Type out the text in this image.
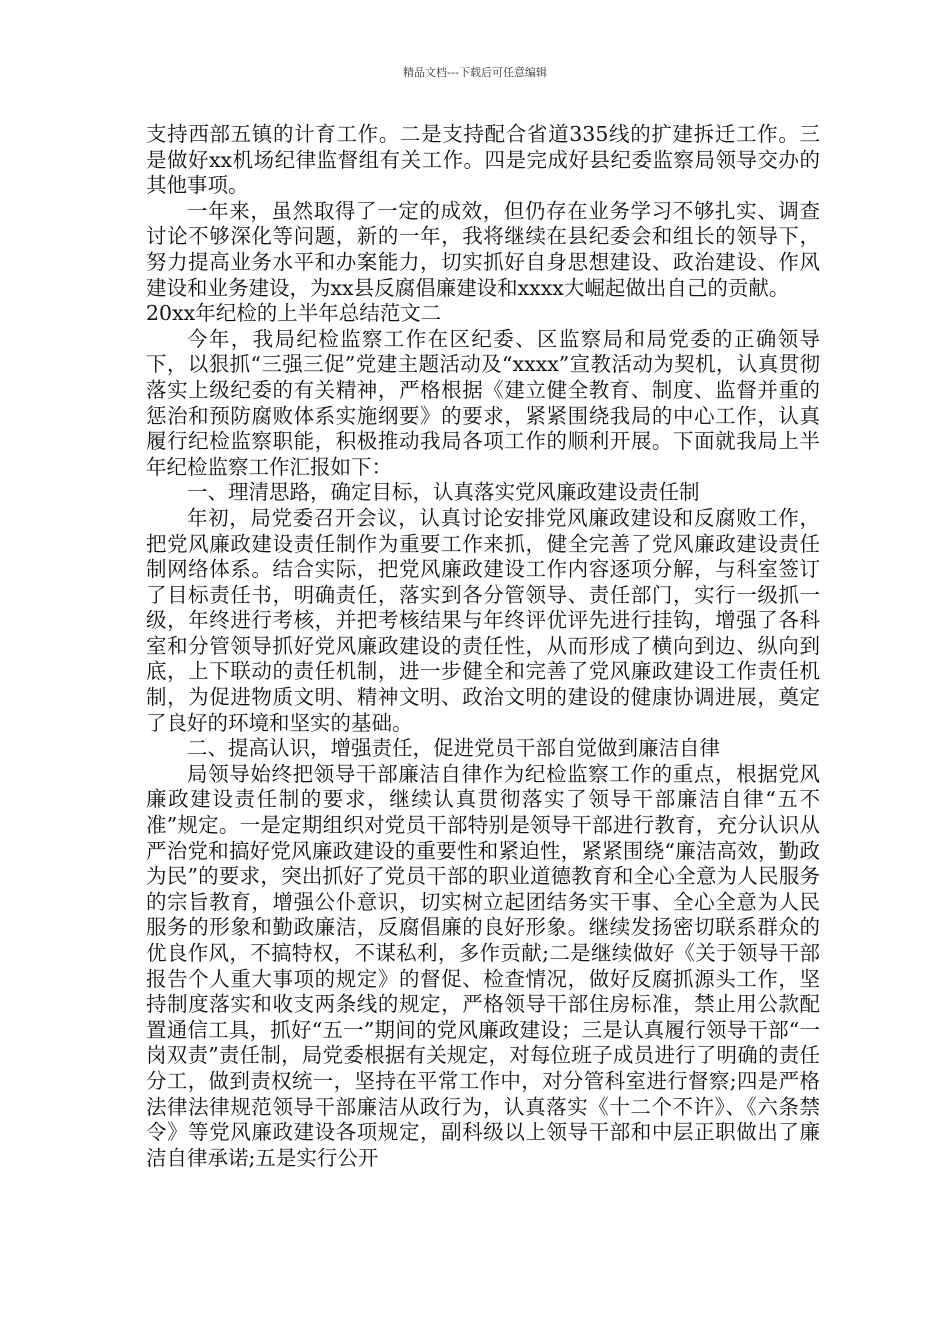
精品文档---下载后可任意编辑

支持西部五镇的计育工作。二是支持配合省道335线的扩建拆迁工作。三是做好xx机场纪律监督组有关工作。四是完成好县纪委监察局领导交办的其他事项。

一年来，虽然取得了一定的成效，但仍存在业务学习不够扎实、调查讨论不够深化等问题，新的一年，我将继续在县纪委会和组长的领导下，努力提高业务水平和办案能力，切实抓好自身思想建设、政治建设、作风建设和业务建设，为xx县反腐倡廉建设和xxxx大崛起做出自己的贡献。

20xx年纪检的上半年总结范文二

今年，我局纪检监察工作在区纪委、区监察局和局党委的正确领导下，以狠抓“三强三促”党建主题活动及“xxxx”宣教活动为契机，认真贯彻落实上级纪委的有关精神，严格根据《建立健全教育、制度、监督并重的惩治和预防腐败体系实施纲要》的要求，紧紧围绕我局的中心工作，认真履行纪检监察职能，积极推动我局各项工作的顺利开展。下面就我局上半年纪检监察工作汇报如下：

一、理清思路，确定目标，认真落实党风廉政建设责任制

年初，局党委召开会议，认真讨论安排党风廉政建设和反腐败工作，把党风廉政建设责任制作为重要工作来抓，健全完善了党风廉政建设责任制网络体系。结合实际，把党风廉政建设工作内容逐项分解，与科室签订了目标责任书，明确责任，落实到各分管领导、责任部门，实行一级抓一级，年终进行考核，并把考核结果与年终评优评先进行挂钩，增强了各科室和分管领导抓好党风廉政建设的责任性，从而形成了横向到边、纵向到底，上下联动的责任机制，进一步健全和完善了党风廉政建设工作责任机制，为促进物质文明、精神文明、政治文明的建设的健康协调进展，奠定了良好的环境和坚实的基础。

二、提高认识，增强责任，促进党员干部自觉做到廉洁自律

局领导始终把领导干部廉洁自律作为纪检监察工作的重点，根据党风廉政建设责任制的要求，继续认真贯彻落实了领导干部廉洁自律“五不准”规定。一是定期组织对党员干部特别是领导干部进行教育，充分认识从严治党和搞好党风廉政建设的重要性和紧迫性，紧紧围绕“廉洁高效，勤政为民”的要求，突出抓好了党员干部的职业道德教育和全心全意为人民服务的宗旨教育，增强公仆意识，切实树立起团结务实干事、全心全意为人民服务的形象和勤政廉洁，反腐倡廉的良好形象。继续发扬密切联系群众的优良作风，不搞特权，不谋私利，多作贡献;二是继续做好《关于领导干部报告个人重大事项的规定》的督促、检查情况，做好反腐抓源头工作，坚持制度落实和收支两条线的规定，严格领导干部住房标准，禁止用公款配置通信工具，抓好“五一”期间的党风廉政建设；三是认真履行领导干部“一岗双责”责任制，局党委根据有关规定，对每位班子成员进行了明确的责任分工，做到责权统一，坚持在平常工作中，对分管科室进行督察;四是严格法律法律规范领导干部廉洁从政行为，认真落实《十二个不许》、《六条禁令》等党风廉政建设各项规定，副科级以上领导干部和中层正职做出了廉洁自律承诺;五是实行公开
